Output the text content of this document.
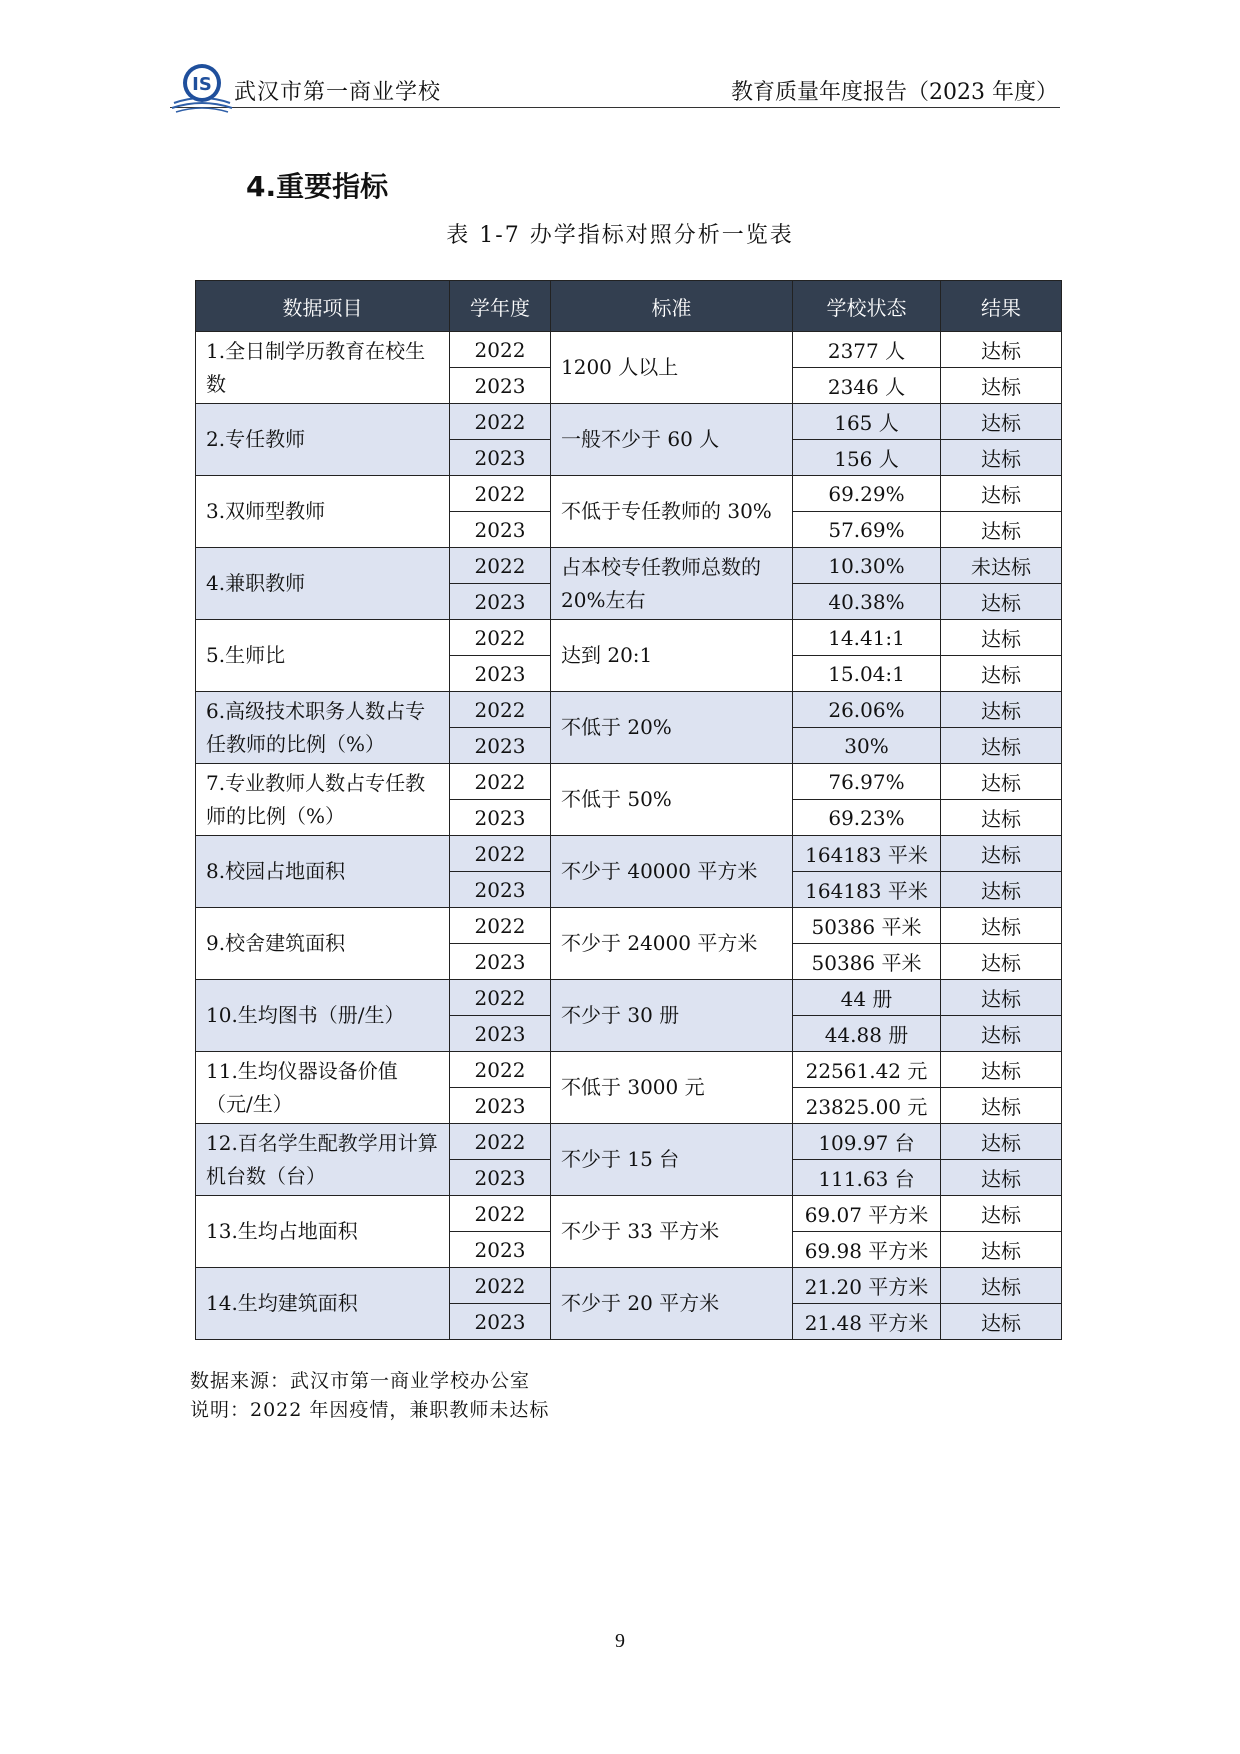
IS 武汉市第一商业学校	教育质量年度报告（2023 年度）
4.重要指标
表 1-7 办学指标对照分析一览表
数据项目	学年度	标准	学校状态	结果
1.全日制学历教育在校生数	2022	1200 人以上	2377 人	达标
	2023		2346 人	达标
2.专任教师	2022	一般不少于 60 人	165 人	达标
	2023		156 人	达标
3.双师型教师	2022	不低于专任教师的 30%	69.29%	达标
	2023		57.69%	达标
4.兼职教师	2022	占本校专任教师总数的 20%左右	10.30%	未达标
	2023		40.38%	达标
5.生师比	2022	达到 20:1	14.41:1	达标
	2023		15.04:1	达标
6.高级技术职务人数占专任教师的比例（%）	2022	不低于 20%	26.06%	达标
	2023		30%	达标
7.专业教师人数占专任教师的比例（%）	2022	不低于 50%	76.97%	达标
	2023		69.23%	达标
8.校园占地面积	2022	不少于 40000 平方米	164183 平米	达标
	2023		164183 平米	达标
9.校舍建筑面积	2022	不少于 24000 平方米	50386 平米	达标
	2023		50386 平米	达标
10.生均图书（册/生）	2022	不少于 30 册	44 册	达标
	2023		44.88 册	达标
11.生均仪器设备价值（元/生）	2022	不低于 3000 元	22561.42 元	达标
	2023		23825.00 元	达标
12.百名学生配教学用计算机台数（台）	2022	不少于 15 台	109.97 台	达标
	2023		111.63 台	达标
13.生均占地面积	2022	不少于 33 平方米	69.07 平方米	达标
	2023		69.98 平方米	达标
14.生均建筑面积	2022	不少于 20 平方米	21.20 平方米	达标
	2023		21.48 平方米	达标
数据来源：武汉市第一商业学校办公室
说明：2022 年因疫情，兼职教师未达标
9
